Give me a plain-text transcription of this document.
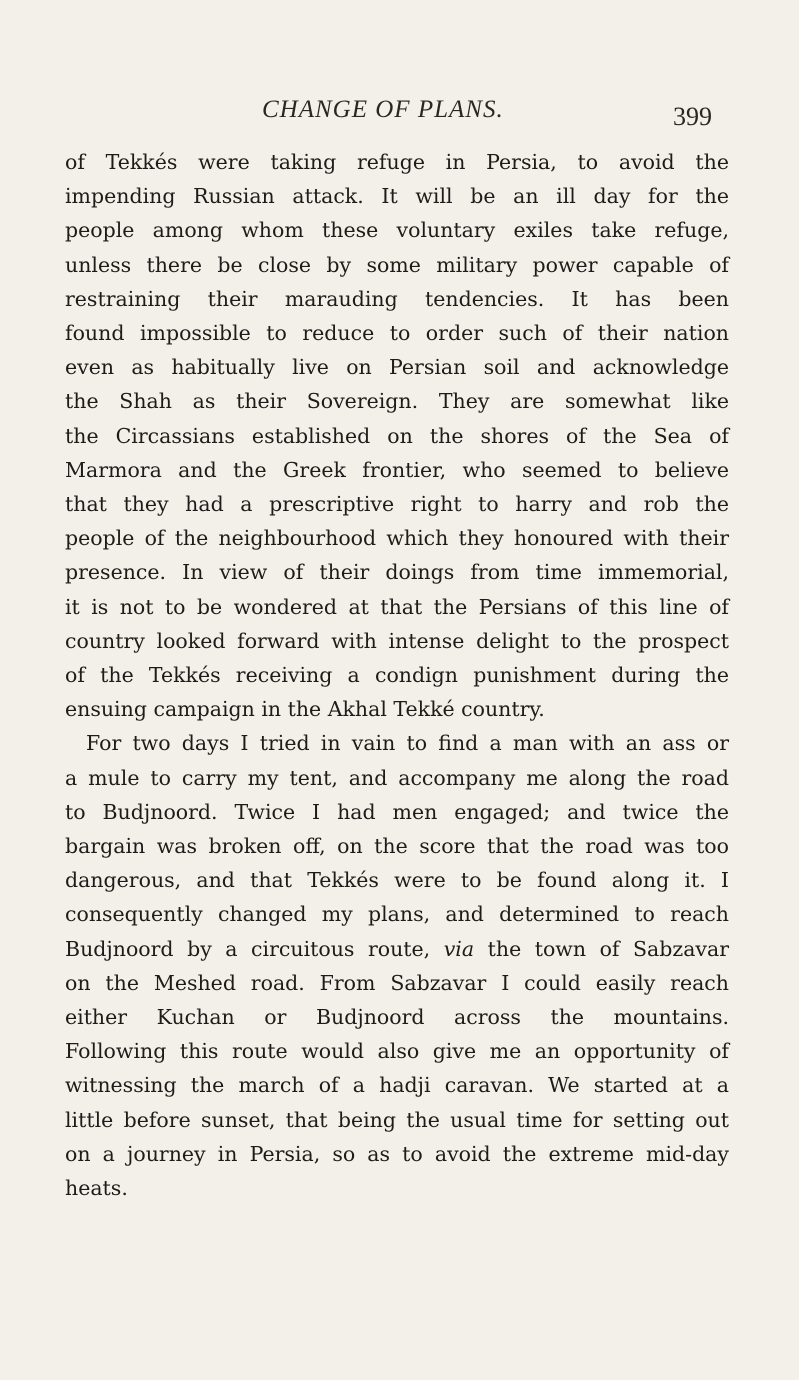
CHANGE OF PLANS.	399

of Tekkés were taking refuge in Persia, to avoid the
impending Russian attack. It will be an ill day for the
people among whom these voluntary exiles take refuge,
unless there be close by some military power capable of
restraining their marauding tendencies. It has been
found impossible to reduce to order such of their nation
even as habitually live on Persian soil and acknowledge
the Shah as their Sovereign. They are somewhat like
the Circassians established on the shores of the Sea of
Marmora and the Greek frontier, who seemed to believe
that they had a prescriptive right to harry and rob the
people of the neighbourhood which they honoured with their
presence. In view of their doings from time immemorial,
it is not to be wondered at that the Persians of this line of
country looked forward with intense delight to the prospect
of the Tekkés receiving a condign punishment during the
ensuing campaign in the Akhal Tekké country.

For two days I tried in vain to find a man with an ass or
a mule to carry my tent, and accompany me along the road
to Budjnoord. Twice I had men engaged; and twice the
bargain was broken off, on the score that the road was too
dangerous, and that Tekkés were to be found along it. I
consequently changed my plans, and determined to reach
Budjnoord by a circuitous route, via the town of Sabzavar
on the Meshed road. From Sabzavar I could easily reach
either Kuchan or Budjnoord across the mountains.
Following this route would also give me an opportunity of
witnessing the march of a hadji caravan. We started at a
little before sunset, that being the usual time for setting out
on a journey in Persia, so as to avoid the extreme mid-day
heats.
